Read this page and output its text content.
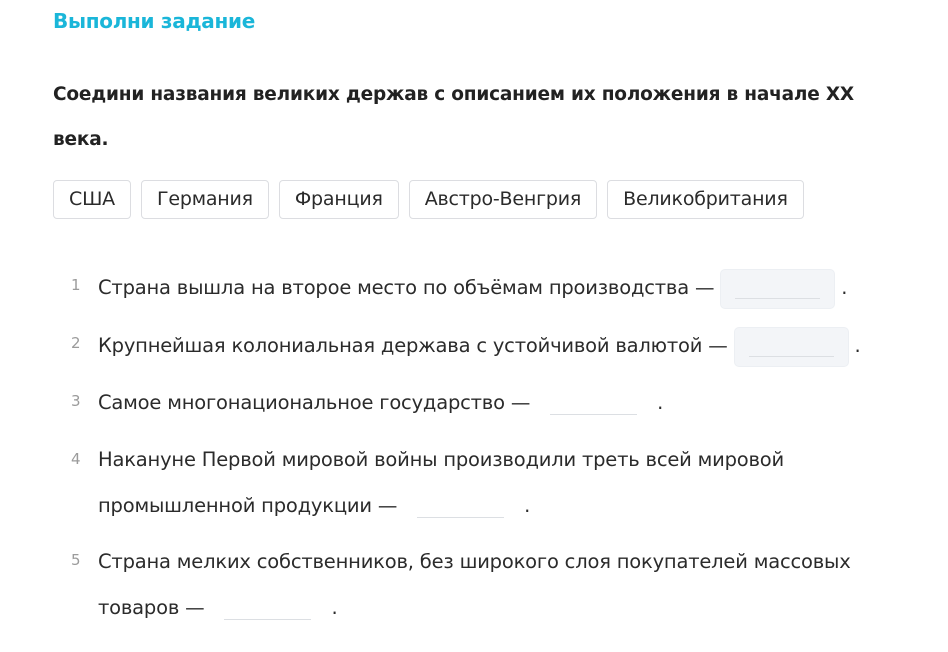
Выполни задание
Соедини названия великих держав с описанием их положения в начале XX века.
США	Германия	Франция	Австро-Венгрия	Великобритания
1 Страна вышла на второе место по объёмам производства —	.
2 Крупнейшая колониальная держава с устойчивой валютой —	.
3 Самое многонациональное государство —	.
4 Накануне Первой мировой войны производили треть всей мировой промышленной продукции —	.
5 Страна мелких собственников, без широкого слоя покупателей массовых товаров —	.
